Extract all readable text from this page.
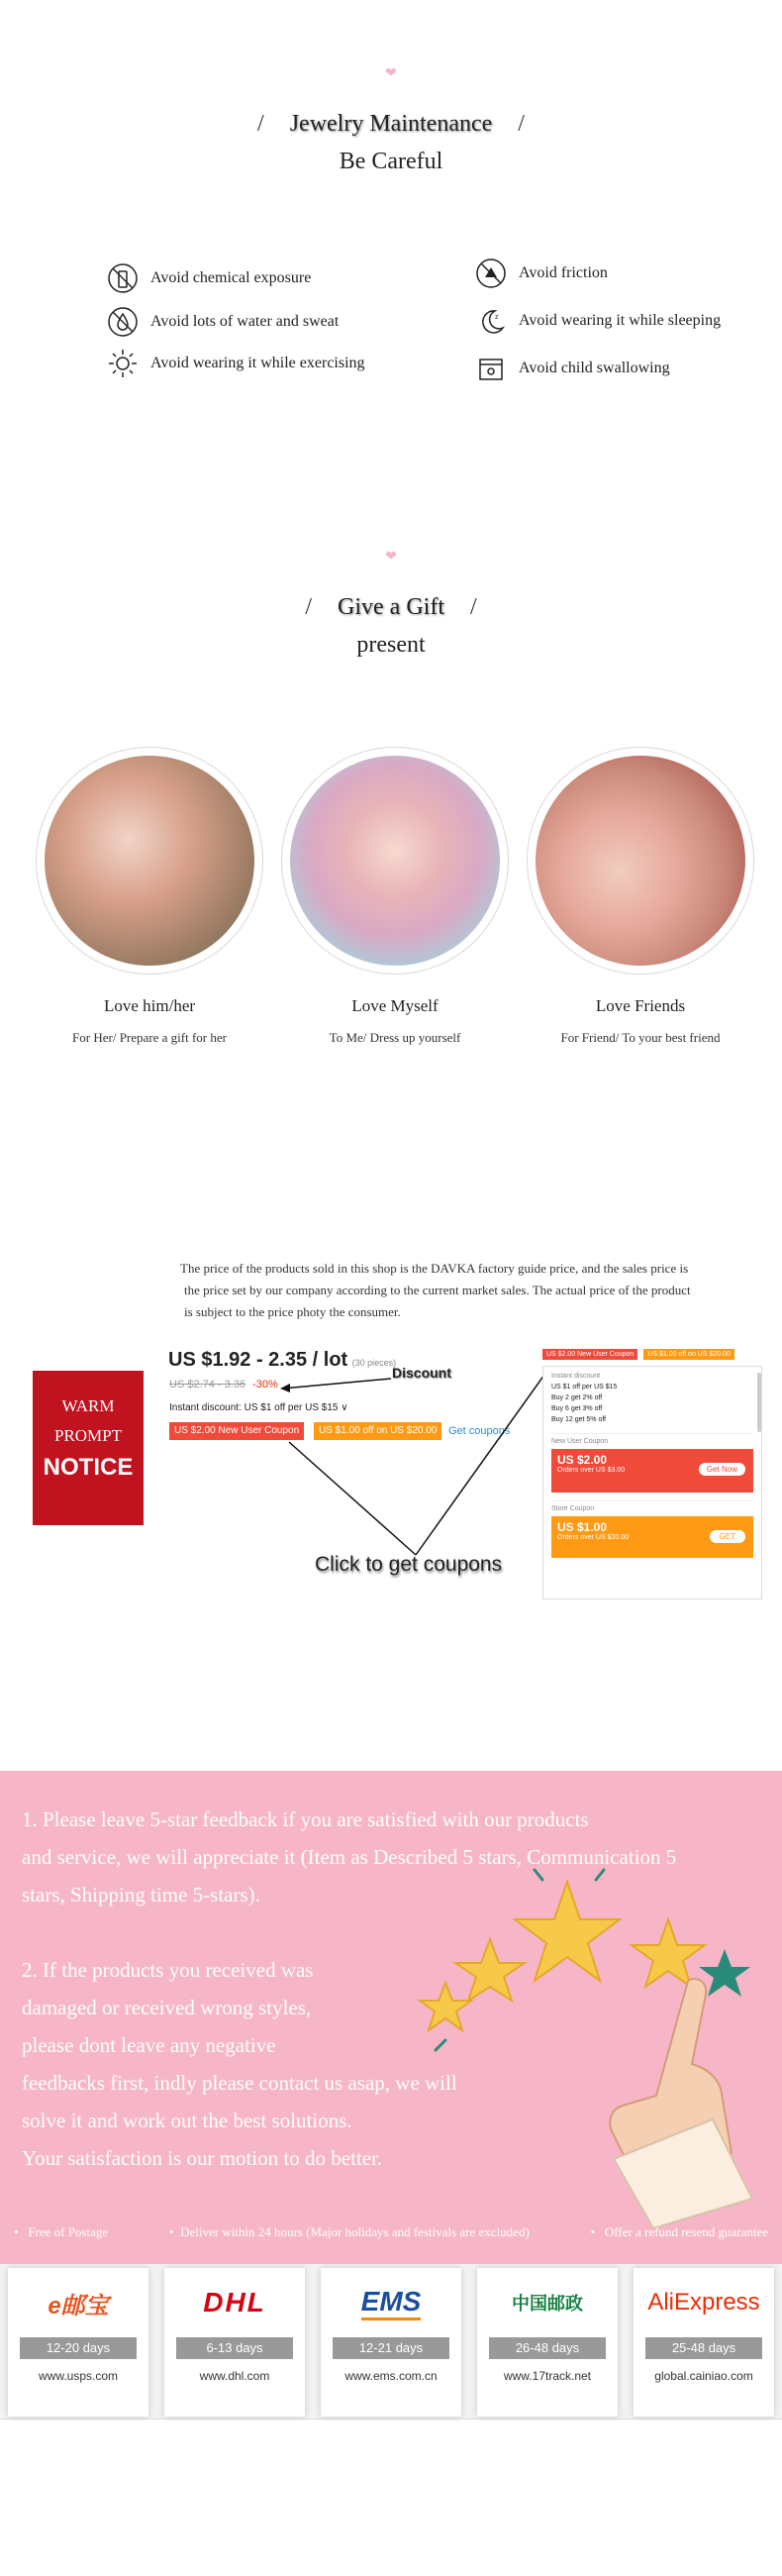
❤
/ Jewelry Maintenance /
Be Careful
Avoid chemical exposure
Avoid lots of water and sweat
Avoid wearing it while exercising
Avoid friction
z Avoid wearing it while sleeping
Avoid child swallowing
❤
/ Give a Gift /
present
Love him/her
For Her/ Prepare a gift for her
Love Myself
To Me/ Dress up yourself
Love Friends
For Friend/ To your best friend
The price of the products sold in this shop is the DAVKA factory guide price, and the sales price is
the price set by our company according to the current market sales. The actual price of the product
is subject to the price photy the consumer.
WARM
PROMPT
NOTICE
US $1.92 - 2.35 / lot (30 pieces)
US $2.74 - 3.36 -30%
Discount
Instant discount: US $1 off per US $15 ∨
US $2.00 New User Coupon	US $1.00 off on US $20.00	Get coupons
Click to get coupons
US $2.00 New User Coupon	US $1.00 off on US $20.00
Instant discount
US $1 off per US $15
Buy 2 get 2% off
Buy 6 get 3% off
Buy 12 get 5% off
New User Coupon
US $2.00
Orders over US $3.00	Get Now
Store Coupon
US $1.00
Orders over US $20.00	GET
1. Please leave 5-star feedback if you are satisfied with our products
and service, we will appreciate it (Item as Described 5 stars, Communication 5
stars, Shipping time 5-stars).
2. If the products you received was
damaged or received wrong styles,
please dont leave any negative
feedbacks first, indly please contact us asap, we will
solve it and work out the best solutions.
Your satisfaction is our motion to do better.
•   Free of Postage	•  Deliver within 24 hours (Major holidays and festivals are excluded)	•   Offer a refund resend guarantee
e邮宝
12-20 days
www.usps.com
DHL
6-13 days
www.dhl.com
EMS
12-21 days
www.ems.com.cn
中国邮政
26-48 days
www.17track.net
AliExpress
25-48 days
global.cainiao.com
